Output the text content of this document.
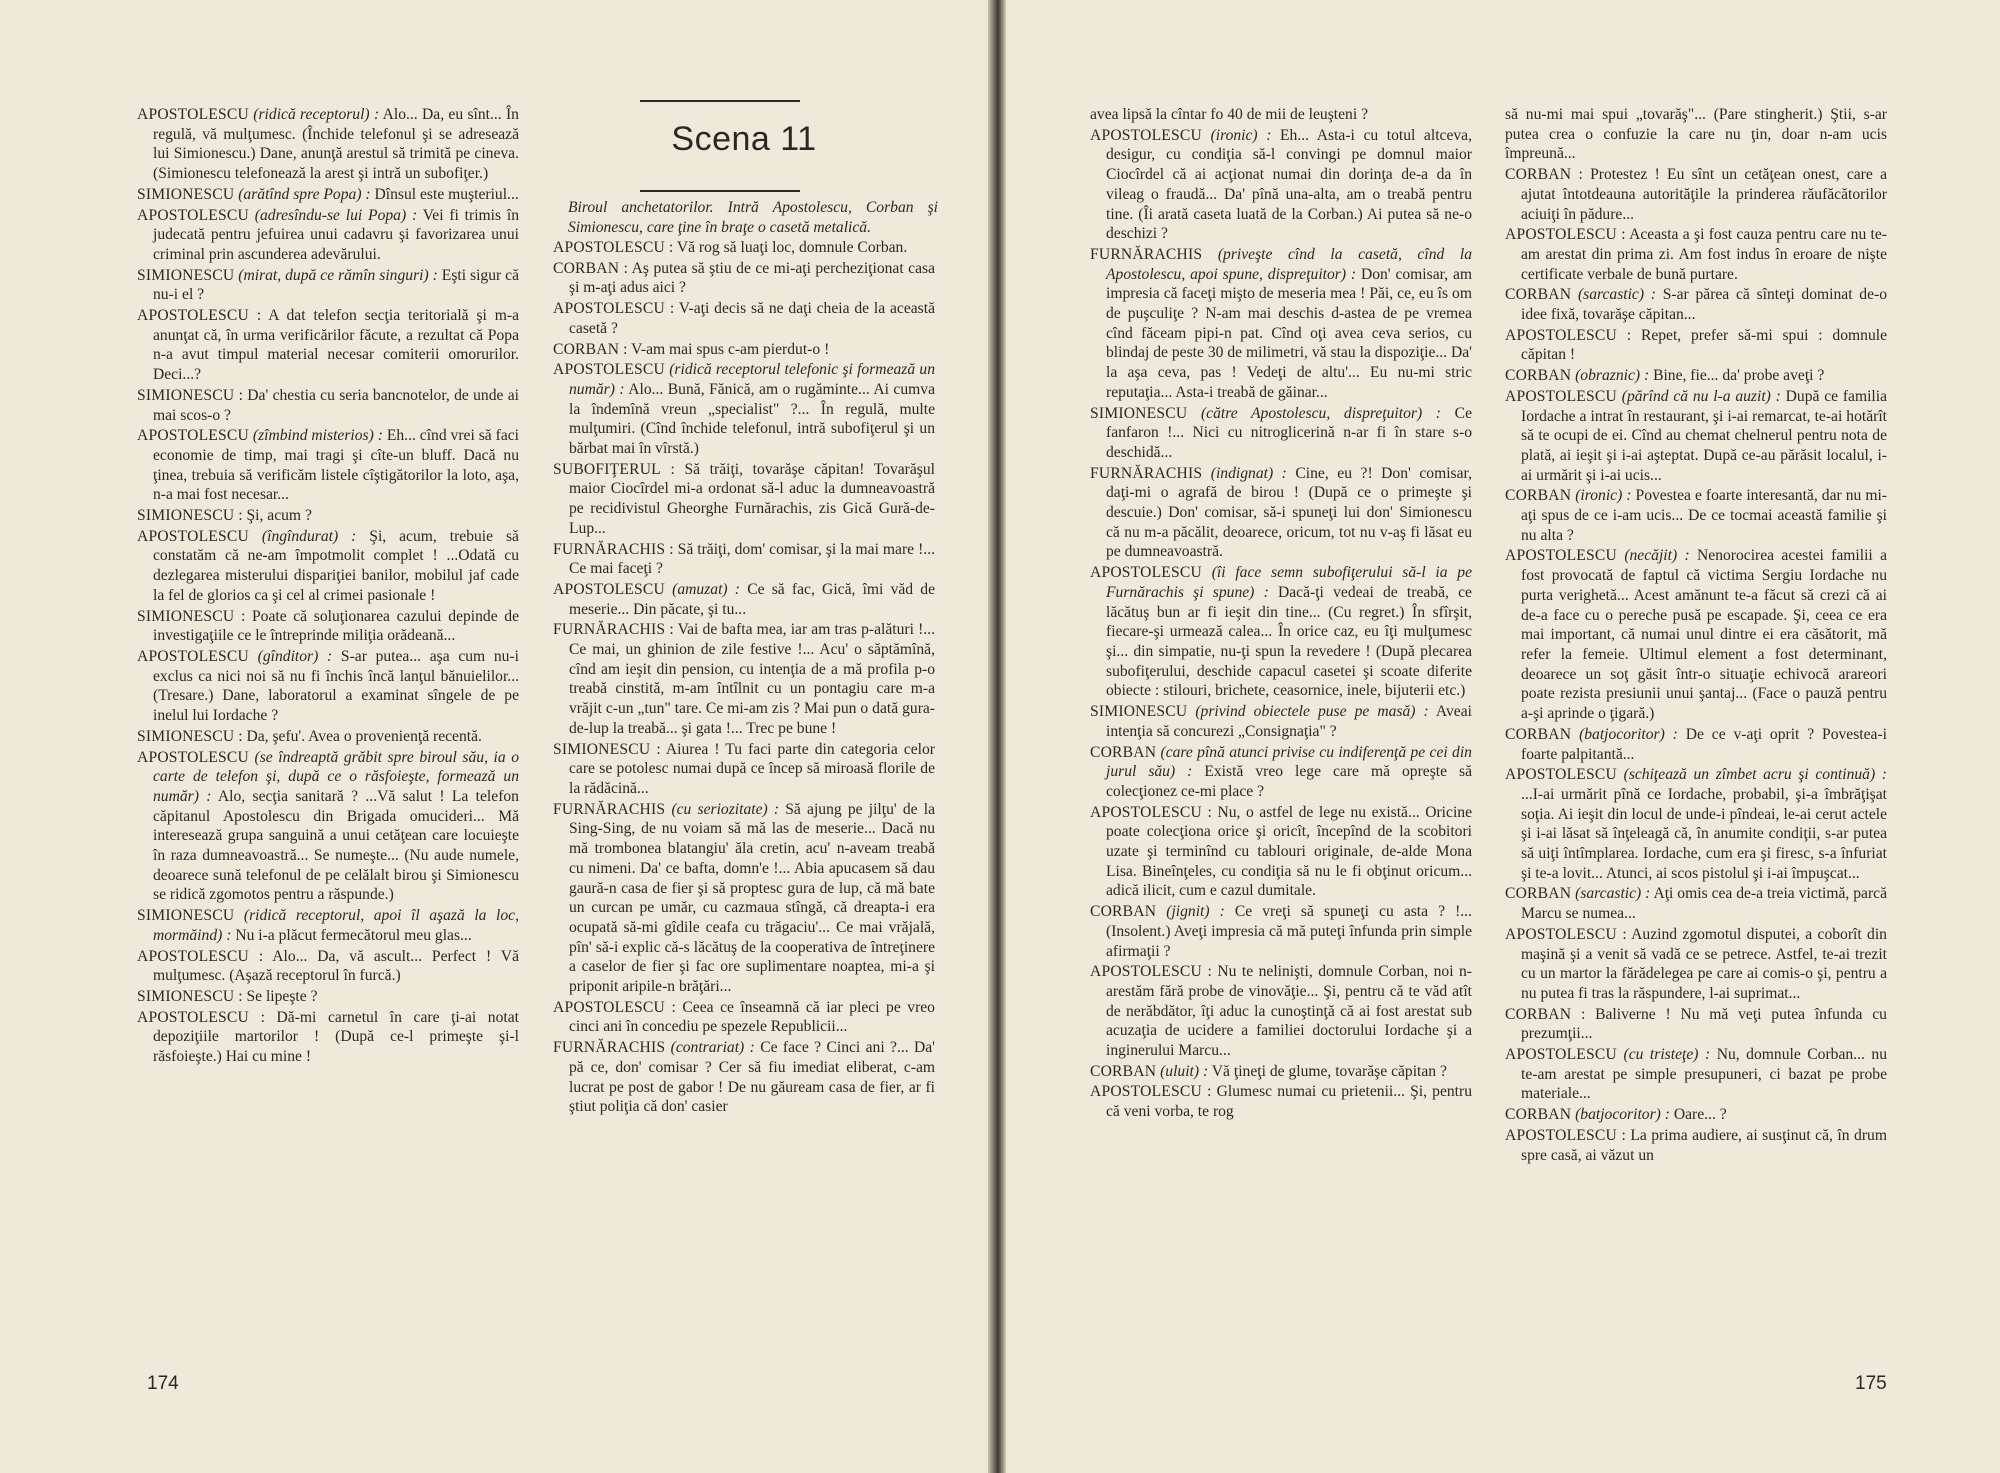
APOSTOLESCU (ridică receptorul) : Alo... Da, eu sînt... În regulă, vă mulţumesc. (Închide telefonul şi se adresează lui Simionescu.) Dane, anunţă arestul să trimită pe cineva. (Simionescu telefonează la arest şi intră un subofiţer.)

SIMIONESCU (arătînd spre Popa) : Dînsul este muşteriul...

APOSTOLESCU (adresîndu-se lui Popa) : Vei fi trimis în judecată pentru jefuirea unui cadavru şi favorizarea unui criminal prin ascunderea adevărului.

SIMIONESCU (mirat, după ce rămîn singuri) : Eşti sigur că nu-i el ?

APOSTOLESCU : A dat telefon secţia teritorială şi m-a anunţat că, în urma verificărilor făcute, a rezultat că Popa n-a avut timpul material necesar comiterii omorurilor. Deci...?

SIMIONESCU : Da' chestia cu seria bancnotelor, de unde ai mai scos-o ?

APOSTOLESCU (zîmbind misterios) : Eh... cînd vrei să faci economie de timp, mai tragi şi cîte-un bluff. Dacă nu ţinea, trebuia să verificăm listele cîştigătorilor la loto, aşa, n-a mai fost necesar...

SIMIONESCU : Şi, acum ?

APOSTOLESCU (îngîndurat) : Şi, acum, trebuie să constatăm că ne-am împotmolit complet ! ...Odată cu dezlegarea misterului dispariţiei banilor, mobilul jaf cade la fel de glorios ca şi cel al crimei pasionale !

SIMIONESCU : Poate că soluţionarea cazului depinde de investigaţiile ce le întreprinde miliţia orădeană...

APOSTOLESCU (gînditor) : S-ar putea... aşa cum nu-i exclus ca nici noi să nu fi închis încă lanţul bănuielilor... (Tresare.) Dane, laboratorul a examinat sîngele de pe inelul lui Iordache ?

SIMIONESCU : Da, şefu'. Avea o provenienţă recentă.

APOSTOLESCU (se îndreaptă grăbit spre biroul său, ia o carte de telefon şi, după ce o răsfoieşte, formează un număr) : Alo, secţia sanitară ? ...Vă salut ! La telefon căpitanul Apostolescu din Brigada omucideri... Mă interesează grupa sanguină a unui cetăţean care locuieşte în raza dumneavoastră... Se numeşte... (Nu aude numele, deoarece sună telefonul de pe celălalt birou şi Simionescu se ridică zgomotos pentru a răspunde.)

SIMIONESCU (ridică receptorul, apoi îl aşază la loc, mormăind) : Nu i-a plăcut fermecătorul meu glas...

APOSTOLESCU : Alo... Da, vă ascult... Perfect ! Vă mulţumesc. (Aşază receptorul în furcă.)

SIMIONESCU : Se lipeşte ?

APOSTOLESCU : Dă-mi carnetul în care ţi-ai notat depoziţiile martorilor ! (După ce-l primeşte şi-l răsfoieşte.) Hai cu mine !

Scena 11
Biroul anchetatorilor. Intră Apostolescu, Corban şi Simionescu, care ţine în braţe o casetă metalică.

APOSTOLESCU : Vă rog să luaţi loc, domnule Corban.

CORBAN : Aş putea să ştiu de ce mi-aţi percheziţionat casa şi m-aţi adus aici ?

APOSTOLESCU : V-aţi decis să ne daţi cheia de la această casetă ?

CORBAN : V-am mai spus c-am pierdut-o !

APOSTOLESCU (ridică receptorul telefonic şi formează un număr) : Alo... Bună, Fănică, am o rugăminte... Ai cumva la îndemînă vreun „specialist" ?... În regulă, multe mulţumiri. (Cînd închide telefonul, intră subofiţerul şi un bărbat mai în vîrstă.)

SUBOFIŢERUL : Să trăiţi, tovarăşe căpitan! Tovarăşul maior Ciocîrdel mi-a ordonat să-l aduc la dumneavoastră pe recidivistul Gheorghe Furnărachis, zis Gică Gură-de-Lup...

FURNĂRACHIS : Să trăiţi, dom' comisar, şi la mai mare !... Ce mai faceţi ?

APOSTOLESCU (amuzat) : Ce să fac, Gică, îmi văd de meserie... Din păcate, şi tu...

FURNĂRACHIS : Vai de bafta mea, iar am tras p-alături !... Ce mai, un ghinion de zile festive !... Acu' o săptămînă, cînd am ieşit din pension, cu intenţia de a mă profila p-o treabă cinstită, m-am întîlnit cu un pontagiu care m-a vrăjit c-un „tun" tare. Ce mi-am zis ? Mai pun o dată gura-de-lup la treabă... şi gata !... Trec pe bune !

SIMIONESCU : Aiurea ! Tu faci parte din categoria celor care se potolesc numai după ce încep să miroasă florile de la rădăcină...

FURNĂRACHIS (cu seriozitate) : Să ajung pe jilţu' de la Sing-Sing, de nu voiam să mă las de meserie... Dacă nu mă trombonea blatangiu' ăla cretin, acu' n-aveam treabă cu nimeni. Da' ce bafta, domn'e !... Abia apucasem să dau gaură-n casa de fier şi să proptesc gura de lup, că mă bate un curcan pe umăr, cu cazmaua stîngă, că dreapta-i era ocupată să-mi gîdile ceafa cu trăgaciu'... Ce mai vrăjală, pîn' să-i explic că-s lăcătuş de la cooperativa de întreţinere a caselor de fier şi fac ore suplimentare noaptea, mi-a şi priponit aripile-n brăţări...

APOSTOLESCU : Ceea ce înseamnă că iar pleci pe vreo cinci ani în concediu pe spezele Republicii...

FURNĂRACHIS (contrariat) : Ce face ? Cinci ani ?... Da' pă ce, don' comisar ? Cer să fiu imediat eliberat, c-am lucrat pe post de gabor ! De nu găuream casa de fier, ar fi ştiut poliţia că don' casier

avea lipsă la cîntar fo 40 de mii de leuşteni ?

APOSTOLESCU (ironic) : Eh... Asta-i cu totul altceva, desigur, cu condiţia să-l convingi pe domnul maior Ciocîrdel că ai acţionat numai din dorinţa de-a da în vileag o fraudă... Da' pînă una-alta, am o treabă pentru tine. (Îi arată caseta luată de la Corban.) Ai putea să ne-o deschizi ?

FURNĂRACHIS (priveşte cînd la casetă, cînd la Apostolescu, apoi spune, dispreţuitor) : Don' comisar, am impresia că faceţi mişto de meseria mea ! Păi, ce, eu îs om de puşculiţe ? N-am mai deschis d-astea de pe vremea cînd făceam pipi-n pat. Cînd oţi avea ceva serios, cu blindaj de peste 30 de milimetri, vă stau la dispoziţie... Da' la aşa ceva, pas ! Vedeţi de altu'... Eu nu-mi stric reputaţia... Asta-i treabă de găinar...

SIMIONESCU (către Apostolescu, dispreţuitor) : Ce fanfaron !... Nici cu nitroglicerină n-ar fi în stare s-o deschidă...

FURNĂRACHIS (indignat) : Cine, eu ?! Don' comisar, daţi-mi o agrafă de birou ! (După ce o primeşte şi descuie.) Don' comisar, să-i spuneţi lui don' Simionescu că nu m-a păcălit, deoarece, oricum, tot nu v-aş fi lăsat eu pe dumneavoastră.

APOSTOLESCU (îi face semn subofiţerului să-l ia pe Furnărachis şi spune) : Dacă-ţi vedeai de treabă, ce lăcătuş bun ar fi ieşit din tine... (Cu regret.) În sfîrşit, fiecare-şi urmează calea... În orice caz, eu îţi mulţumesc şi... din simpatie, nu-ţi spun la revedere ! (După plecarea subofiţerului, deschide capacul casetei şi scoate diferite obiecte : stilouri, brichete, ceasornice, inele, bijuterii etc.)

SIMIONESCU (privind obiectele puse pe masă) : Aveai intenţia să concurezi „Consignaţia" ?

CORBAN (care pînă atunci privise cu indiferenţă pe cei din jurul său) : Există vreo lege care mă opreşte să colecţionez ce-mi place ?

APOSTOLESCU : Nu, o astfel de lege nu există... Oricine poate colecţiona orice şi oricît, începînd de la scobitori uzate şi terminînd cu tablouri originale, de-alde Mona Lisa. Bineînţeles, cu condiţia să nu le fi obţinut oricum... adică ilicit, cum e cazul dumitale.

CORBAN (jignit) : Ce vreţi să spuneţi cu asta ? !... (Insolent.) Aveţi impresia că mă puteţi înfunda prin simple afirmaţii ?

APOSTOLESCU : Nu te nelinişti, domnule Corban, noi n-arestăm fără probe de vinovăţie... Şi, pentru că te văd atît de nerăbdător, îţi aduc la cunoştinţă că ai fost arestat sub acuzaţia de ucidere a familiei doctorului Iordache şi a inginerului Marcu...

CORBAN (uluit) : Vă ţineţi de glume, tovarăşe căpitan ?

APOSTOLESCU : Glumesc numai cu prietenii... Şi, pentru că veni vorba, te rog

să nu-mi mai spui „tovarăş"... (Pare stingherit.) Ştii, s-ar putea crea o confuzie la care nu ţin, doar n-am ucis împreună...

CORBAN : Protestez ! Eu sînt un cetăţean onest, care a ajutat întotdeauna autorităţile la prinderea răufăcătorilor aciuiţi în pădure...

APOSTOLESCU : Aceasta a şi fost cauza pentru care nu te-am arestat din prima zi. Am fost indus în eroare de nişte certificate verbale de bună purtare.

CORBAN (sarcastic) : S-ar părea că sînteţi dominat de-o idee fixă, tovarăşe căpitan...

APOSTOLESCU : Repet, prefer să-mi spui : domnule căpitan !

CORBAN (obraznic) : Bine, fie... da' probe aveţi ?

APOSTOLESCU (părînd că nu l-a auzit) : După ce familia Iordache a intrat în restaurant, şi i-ai remarcat, te-ai hotărît să te ocupi de ei. Cînd au chemat chelnerul pentru nota de plată, ai ieşit şi i-ai aşteptat. După ce-au părăsit localul, i-ai urmărit şi i-ai ucis...

CORBAN (ironic) : Povestea e foarte interesantă, dar nu mi-aţi spus de ce i-am ucis... De ce tocmai această familie şi nu alta ?

APOSTOLESCU (necăjit) : Nenorocirea acestei familii a fost provocată de faptul că victima Sergiu Iordache nu purta verighetă... Acest amănunt te-a făcut să crezi că ai de-a face cu o pereche pusă pe escapade. Şi, ceea ce era mai important, că numai unul dintre ei era căsătorit, mă refer la femeie. Ultimul element a fost determinant, deoarece un soţ găsit într-o situaţie echivocă arareori poate rezista presiunii unui şantaj... (Face o pauză pentru a-şi aprinde o ţigară.)

CORBAN (batjocoritor) : De ce v-aţi oprit ? Povestea-i foarte palpitantă...

APOSTOLESCU (schiţează un zîmbet acru şi continuă) : ...I-ai urmărit pînă ce Iordache, probabil, şi-a îmbrăţişat soţia. Ai ieşit din locul de unde-i pîndeai, le-ai cerut actele şi i-ai lăsat să înţeleagă că, în anumite condiţii, s-ar putea să uiţi întîmplarea. Iordache, cum era şi firesc, s-a înfuriat şi te-a lovit... Atunci, ai scos pistolul şi i-ai împuşcat...

CORBAN (sarcastic) : Aţi omis cea de-a treia victimă, parcă Marcu se numea...

APOSTOLESCU : Auzind zgomotul disputei, a coborît din maşină şi a venit să vadă ce se petrece. Astfel, te-ai trezit cu un martor la fărădelegea pe care ai comis-o şi, pentru a nu putea fi tras la răspundere, l-ai suprimat...

CORBAN : Baliverne ! Nu mă veţi putea înfunda cu prezumţii...

APOSTOLESCU (cu tristeţe) : Nu, domnule Corban... nu te-am arestat pe simple presupuneri, ci bazat pe probe materiale...

CORBAN (batjocoritor) : Oare... ?

APOSTOLESCU : La prima audiere, ai susţinut că, în drum spre casă, ai văzut un

174	175
